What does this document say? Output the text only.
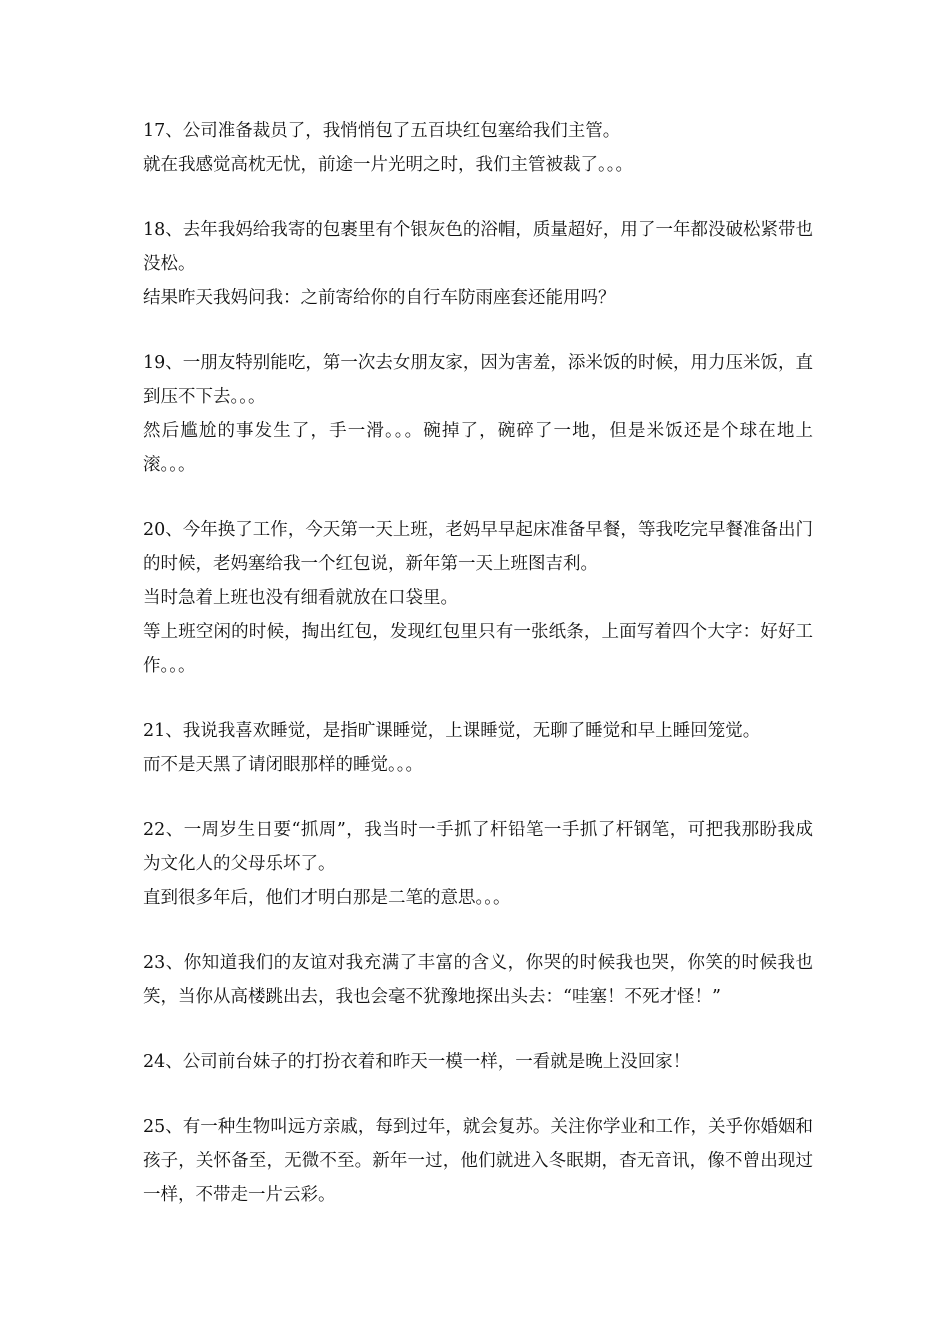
17、公司准备裁员了，我悄悄包了五百块红包塞给我们主管。

就在我感觉高枕无忧，前途一片光明之时，我们主管被裁了。。。

18、去年我妈给我寄的包裹里有个银灰色的浴帽，质量超好，用了一年都没破松紧带也没松。

结果昨天我妈问我：之前寄给你的自行车防雨座套还能用吗？

19、一朋友特别能吃，第一次去女朋友家，因为害羞，添米饭的时候，用力压米饭，直到压不下去。。。

然后尴尬的事发生了，手一滑。。。碗掉了，碗碎了一地，但是米饭还是个球在地上滚。。。

20、今年换了工作，今天第一天上班，老妈早早起床准备早餐，等我吃完早餐准备出门的时候，老妈塞给我一个红包说，新年第一天上班图吉利。

当时急着上班也没有细看就放在口袋里。

等上班空闲的时候，掏出红包，发现红包里只有一张纸条，上面写着四个大字：好好工作。。。

21、我说我喜欢睡觉，是指旷课睡觉，上课睡觉，无聊了睡觉和早上睡回笼觉。

而不是天黑了请闭眼那样的睡觉。。。

22、一周岁生日要“抓周”，我当时一手抓了杆铅笔一手抓了杆钢笔，可把我那盼我成为文化人的父母乐坏了。

直到很多年后，他们才明白那是二笔的意思。。。

23、你知道我们的友谊对我充满了丰富的含义，你哭的时候我也哭，你笑的时候我也笑，当你从高楼跳出去，我也会毫不犹豫地探出头去：“哇塞！不死才怪！”

24、公司前台妹子的打扮衣着和昨天一模一样，一看就是晚上没回家！

25、有一种生物叫远方亲戚，每到过年，就会复苏。关注你学业和工作，关乎你婚姻和孩子，关怀备至，无微不至。新年一过，他们就进入冬眠期，杳无音讯，像不曾出现过一样，不带走一片云彩。
